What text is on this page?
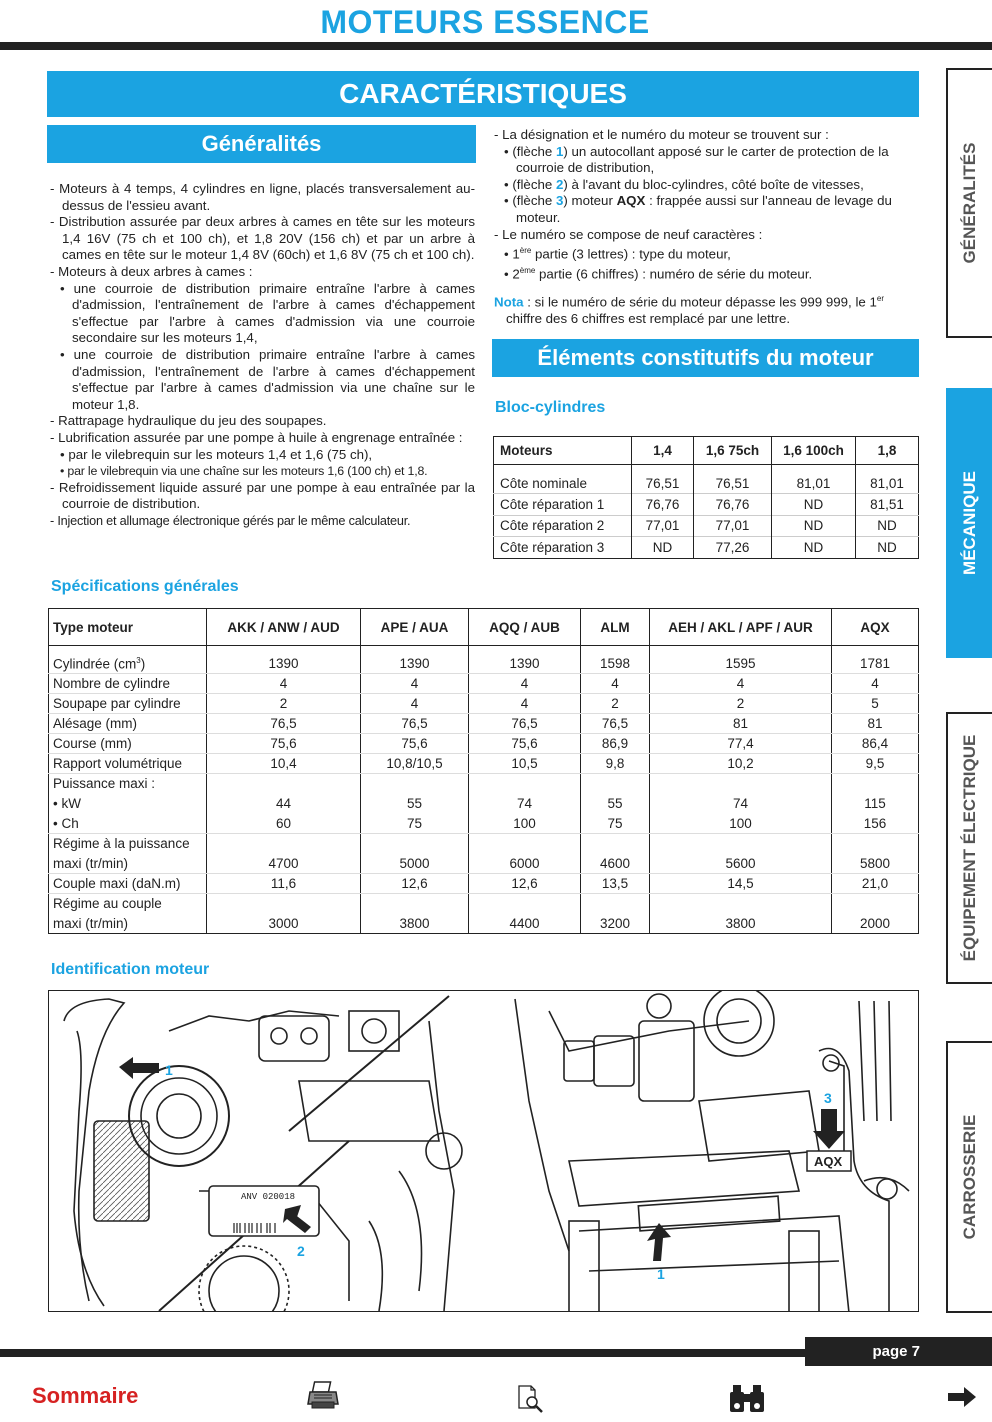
MOTEURS ESSENCE
CARACTÉRISTIQUES
GÉNÉRALITÉS
MÉCANIQUE
ÉQUIPEMENT ÉLECTRIQUE
CARROSSERIE
Généralités

- Moteurs à 4 temps, 4 cylindres en ligne, placés transversalement au-dessus de l'essieu avant.

- Distribution assurée par deux arbres à cames en tête sur les moteurs 1,4 16V (75 ch et 100 ch), et 1,8 20V (156 ch) et par un arbre à cames en tête sur le moteur 1,4 8V (60ch) et 1,6 8V (75 ch et 100 ch).

- Moteurs à deux arbres à cames :

• une courroie de distribution primaire entraîne l'arbre à cames d'admission, l'entraînement de l'arbre à cames d'échappement s'effectue par l'arbre à cames d'admission via une courroie secondaire sur les moteurs 1,4,

• une courroie de distribution primaire entraîne l'arbre à cames d'admission, l'entraînement de l'arbre à cames d'échappement s'effectue par l'arbre à cames d'admission via une chaîne sur le moteur 1,8.

- Rattrapage hydraulique du jeu des soupapes.

- Lubrification assurée par une pompe à huile à engrenage entraînée :

• par le vilebrequin sur les moteurs 1,4 et 1,6 (75 ch),

• par le vilebrequin via une chaîne sur les moteurs 1,6 (100 ch) et 1,8.

- Refroidissement liquide assuré par une pompe à eau entraînée par la courroie de distribution.

- Injection et allumage électronique gérés par le même calculateur.

- La désignation et le numéro du moteur se trouvent sur :

• (flèche 1) un autocollant apposé sur le carter de protection de la courroie de distribution,

• (flèche 2) à l'avant du bloc-cylindres, côté boîte de vitesses,

• (flèche 3) moteur AQX : frappée aussi sur l'anneau de levage du moteur.

- Le numéro se compose de neuf caractères :

• 1ère partie (3 lettres) : type du moteur,

• 2ème partie (6 chiffres) : numéro de série du moteur.

Nota : si le numéro de série du moteur dépasse les 999 999, le 1er chiffre des 6 chiffres est remplacé par une lettre.

Éléments constitutifs du moteur
Bloc-cylindres
Moteurs	1,4	1,6 75ch	1,6 100ch	1,8
Côte nominale	76,51	76,51	81,01	81,01
Côte réparation 1	76,76	76,76	ND	81,51
Côte réparation 2	77,01	77,01	ND	ND
Côte réparation 3	ND	77,26	ND	ND
Spécifications générales
Type moteur	AKK / ANW / AUD	APE / AUA	AQQ / AUB	ALM	AEH / AKL / APF / AUR	AQX
Cylindrée $(cm^3)$	1390	1390	1390	1598	1595	1781
Nombre de cylindre	4	4	4	4	4	4
Soupape par cylindre	2	4	4	2	2	5
Alésage (mm)	76,5	76,5	76,5	76,5	81	81
Course (mm)	75,6	75,6	75,6	86,9	77,4	86,4
Rapport volumétrique	10,4	10,8/10,5	10,5	9,8	10,2	9,5
Puissance maxi :						
• kW	44	55	74	55	74	115
• Ch	60	75	100	75	100	156
Régime à la puissance						
maxi (tr/min)	4700	5000	6000	4600	5600	5800
Couple maxi (daN.m)	11,6	12,6	12,6	13,5	14,5	21,0
Régime au couple						
maxi (tr/min)	3000	3800	4400	3200	3800	2000
Identification moteur
ANV 020018
1
2
3
AQX
1
page 7
Sommaire
